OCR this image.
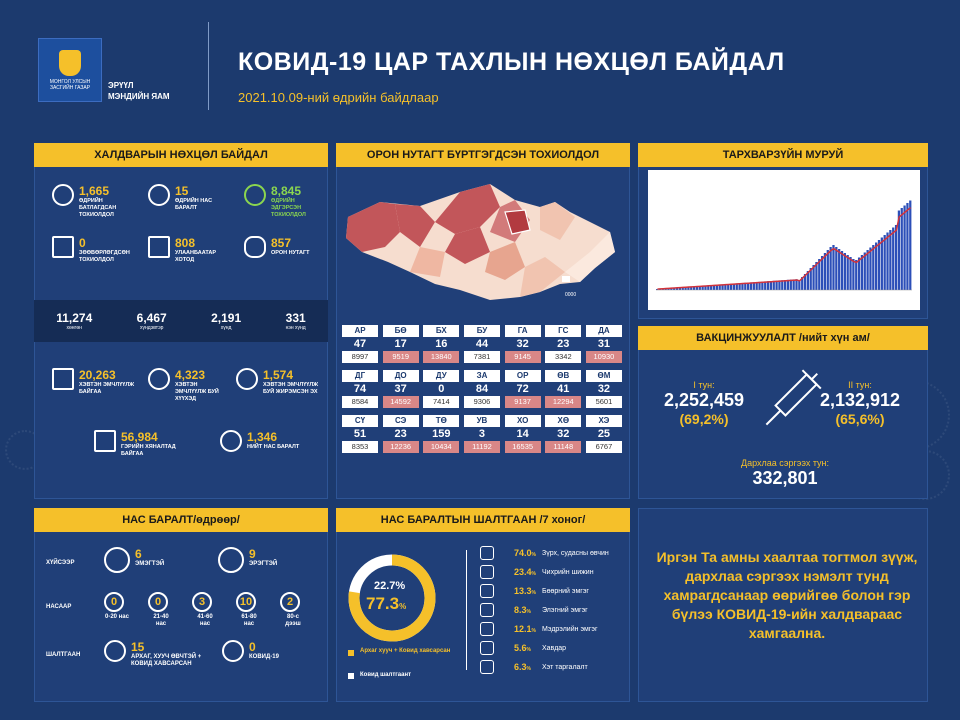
МОНГОЛ УЛСЫН ЗАСГИЙН ГАЗАР	ЭРҮҮЛ
МЭНДИЙН ЯАМ
КОВИД-19 ЦАР ТАХЛЫН НӨХЦӨЛ БАЙДАЛ
2021.10.09-ний өдрийн байдлаар
ХАЛДВАРЫН НӨХЦӨЛ БАЙДАЛ
1,665
ӨДРИЙН БАТЛАГДСАН ТОХИОЛДОЛ
15
ӨДРИЙН НАС БАРАЛТ
8,845
ӨДРИЙН ЭДГЭРСЭН ТОХИОЛДОЛ
0
ЗӨӨВӨРЛӨГДСӨН ТОХИОЛДОЛ
808
УЛААНБААТАР ХОТОД
857
ОРОН НУТАГТ
11,274
хөнгөн
6,467
хүндэвтэр
2,191
хүнд
331
нэн хүнд
20,263
ХЭВТЭН ЭМЧЛҮҮЛЖ БАЙГАА
4,323
ХЭВТЭН ЭМЧЛҮҮЛЖ БУЙ ХҮҮХЭД
1,574
ХЭВТЭН ЭМЧЛҮҮЛЖ БУЙ ЖИРЭМСЭН ЭХ
56,984
ГЭРИЙН ХЯНАЛТАД БАЙГАА
1,346
НИЙТ НАС БАРАЛТ
ОРОН НУТАГТ БҮРТГЭГДСЭН ТОХИОЛДОЛ
0000
АР	БӨ	БХ	БУ	ГА	ГС	ДА
47	17	16	44	32	23	31
8997	9519	13840	7381	9145	3342	10930
ДГ	ДО	ДУ	ЗА	ОР	ӨВ	ӨМ
74	37	0	84	72	41	32
8584	14592	7414	9306	9137	12294	5601
СҮ	СЭ	ТӨ	УВ	ХО	ХӨ	ХЭ
51	23	159	3	14	32	25
8353	12236	10434	11192	16535	11148	6767
ТАРХВАРЗҮЙН МУРУЙ
ВАКЦИНЖУУЛАЛТ /нийт хүн ам/
I тун:
2,252,459
(69,2%)
II тун:
2,132,912
(65,6%)
Дархлаа сэргээх тун:
332,801
НАС БАРАЛТ/өдрөөр/
ХҮЙСЭЭР
6
ЭМЭГТЭЙ
9
ЭРЭГТЭЙ
НАСААР	0
0-20 нас
0
21-40 нас
3
41-60 нас
10
61-80 нас
2
80-с дээш
ШАЛТГААН
15
АРХАГ, ХУУЧ ӨВЧТЭЙ + КОВИД ХАВСАРСАН
0
КОВИД-19
НАС БАРАЛТЫН ШАЛТГААН /7 хоног/
22.7%
77.3%
Архаг хууч + Ковид хавсарсан
Ковид шалтгаант
74.0% Зүрх, судасны өвчин
23.4% Чихрийн шижин
13.3% Бөөрний эмгэг
8.3%	Элэгний эмгэг
12.1% Мэдрэлийн эмгэг
5.6%	Хавдар
6.3%	Хэт таргалалт
Иргэн Та амны хаалтаа тогтмол зүүж, дархлаа сэргээх нэмэлт тунд хамрагдсанаар өөрийгөө болон гэр бүлээ КОВИД-19-ийн халдвараас хамгаална.
